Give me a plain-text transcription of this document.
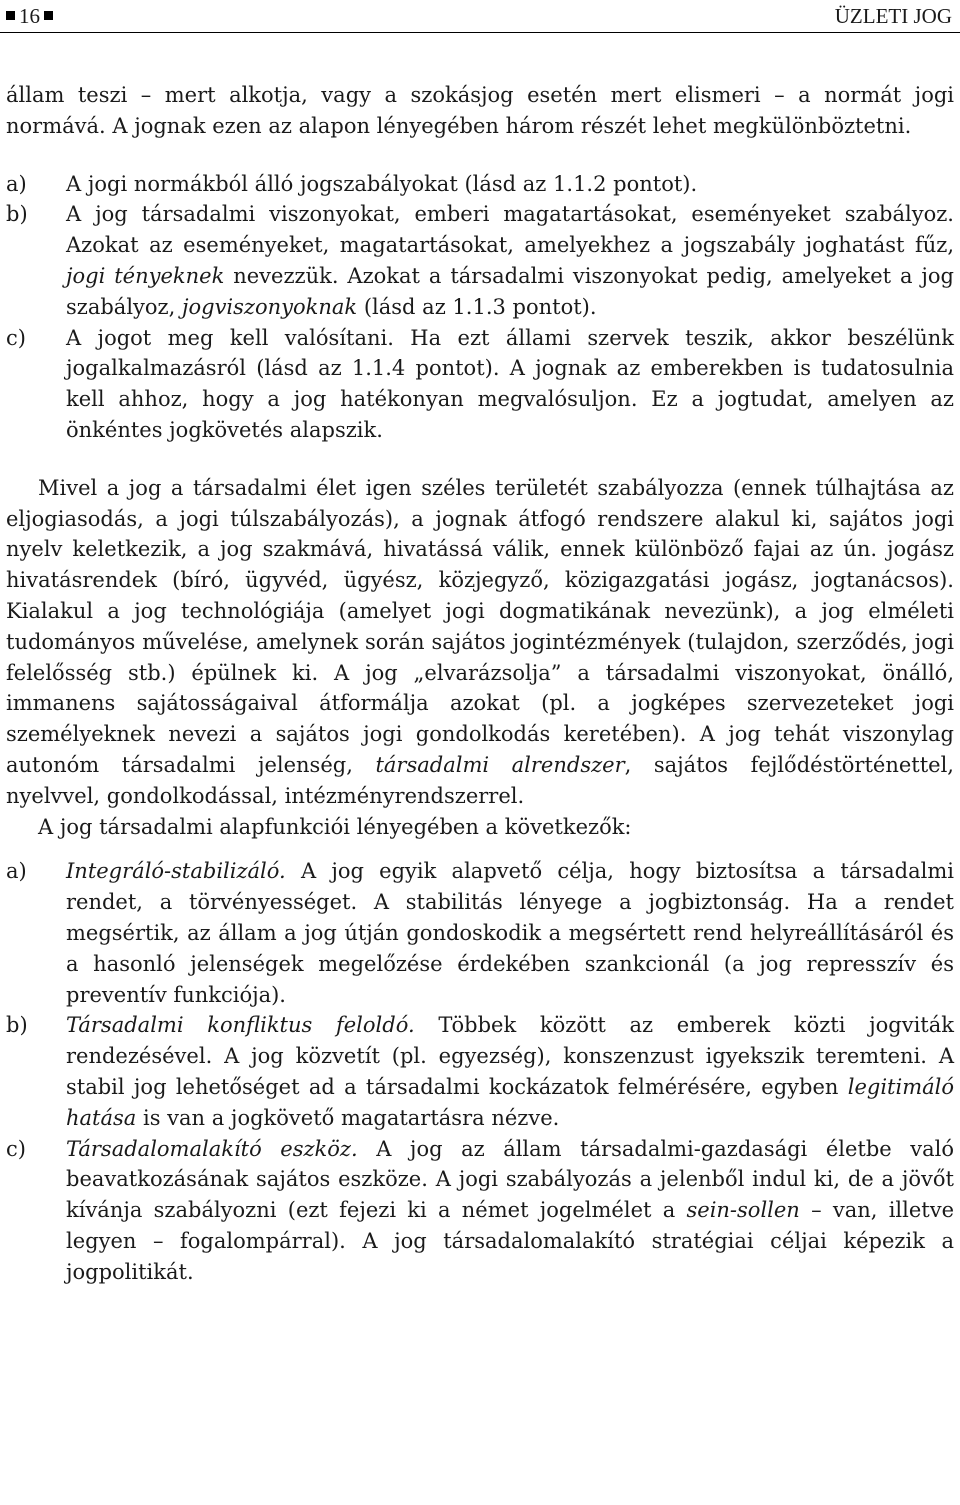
16	ÜZLETI JOG

állam teszi – mert alkotja, vagy a szokásjog esetén mert elismeri – a normát jogi normává. A jognak ezen az alapon lényegében három részét lehet megkülönböztetni.

a) A jogi normákból álló jogszabályokat (lásd az 1.1.2 pontot).
b) A jog társadalmi viszonyokat, emberi magatartásokat, eseményeket szabályoz. Azokat az eseményeket, magatartásokat, amelyekhez a jogszabály joghatást fűz, jogi tényeknek nevezzük. Azokat a társadalmi viszonyokat pedig, amelyeket a jog szabályoz, jogviszonyoknak (lásd az 1.1.3 pontot).
c) A jogot meg kell valósítani. Ha ezt állami szervek teszik, akkor beszélünk jogalkalmazásról (lásd az 1.1.4 pontot). A jognak az emberekben is tudatosulnia kell ahhoz, hogy a jog hatékonyan megvalósuljon. Ez a jogtudat, amelyen az önkéntes jogkövetés alapszik.

Mivel a jog a társadalmi élet igen széles területét szabályozza (ennek túlhajtása az eljogiasodás, a jogi túlszabályozás), a jognak átfogó rendszere alakul ki, sajátos jogi nyelv keletkezik, a jog szakmává, hivatássá válik, ennek különböző fajai az ún. jogász hivatásrendek (bíró, ügyvéd, ügyész, közjegyző, közigazgatási jogász, jogtanácsos). Kialakul a jog technológiája (amelyet jogi dogmatikának nevezünk), a jog elméleti tudományos művelése, amelynek során sajátos jogintézmények (tulajdon, szerződés, jogi felelősség stb.) épülnek ki. A jog „elvarázsolja” a társadalmi viszonyokat, önálló, immanens sajátosságaival átformálja azokat (pl. a jogképes szervezeteket jogi személyeknek nevezi a sajátos jogi gondolkodás keretében). A jog tehát viszonylag autonóm társadalmi jelenség, társadalmi alrendszer, sajátos fejlődéstörténettel, nyelvvel, gondolkodással, intézményrendszerrel.

A jog társadalmi alapfunkciói lényegében a következők:

a) Integráló-stabilizáló. A jog egyik alapvető célja, hogy biztosítsa a társadalmi rendet, a törvényességet. A stabilitás lényege a jogbiztonság. Ha a rendet megsértik, az állam a jog útján gondoskodik a megsértett rend helyreállításáról és a hasonló jelenségek megelőzése érdekében szankcionál (a jog represszív és preventív funkciója).
b) Társadalmi konfliktus feloldó. Többek között az emberek közti jogviták rendezésével. A jog közvetít (pl. egyezség), konszenzust igyekszik teremteni. A stabil jog lehetőséget ad a társadalmi kockázatok felmérésére, egyben legitimáló hatása is van a jogkövető magatartásra nézve.
c) Társadalomalakító eszköz. A jog az állam társadalmi-gazdasági életbe való beavatkozásának sajátos eszköze. A jogi szabályozás a jelenből indul ki, de a jövőt kívánja szabályozni (ezt fejezi ki a német jogelmélet a sein-sollen – van, illetve legyen – fogalompárral). A jog társadalomalakító stratégiai céljai képezik a jogpolitikát.
